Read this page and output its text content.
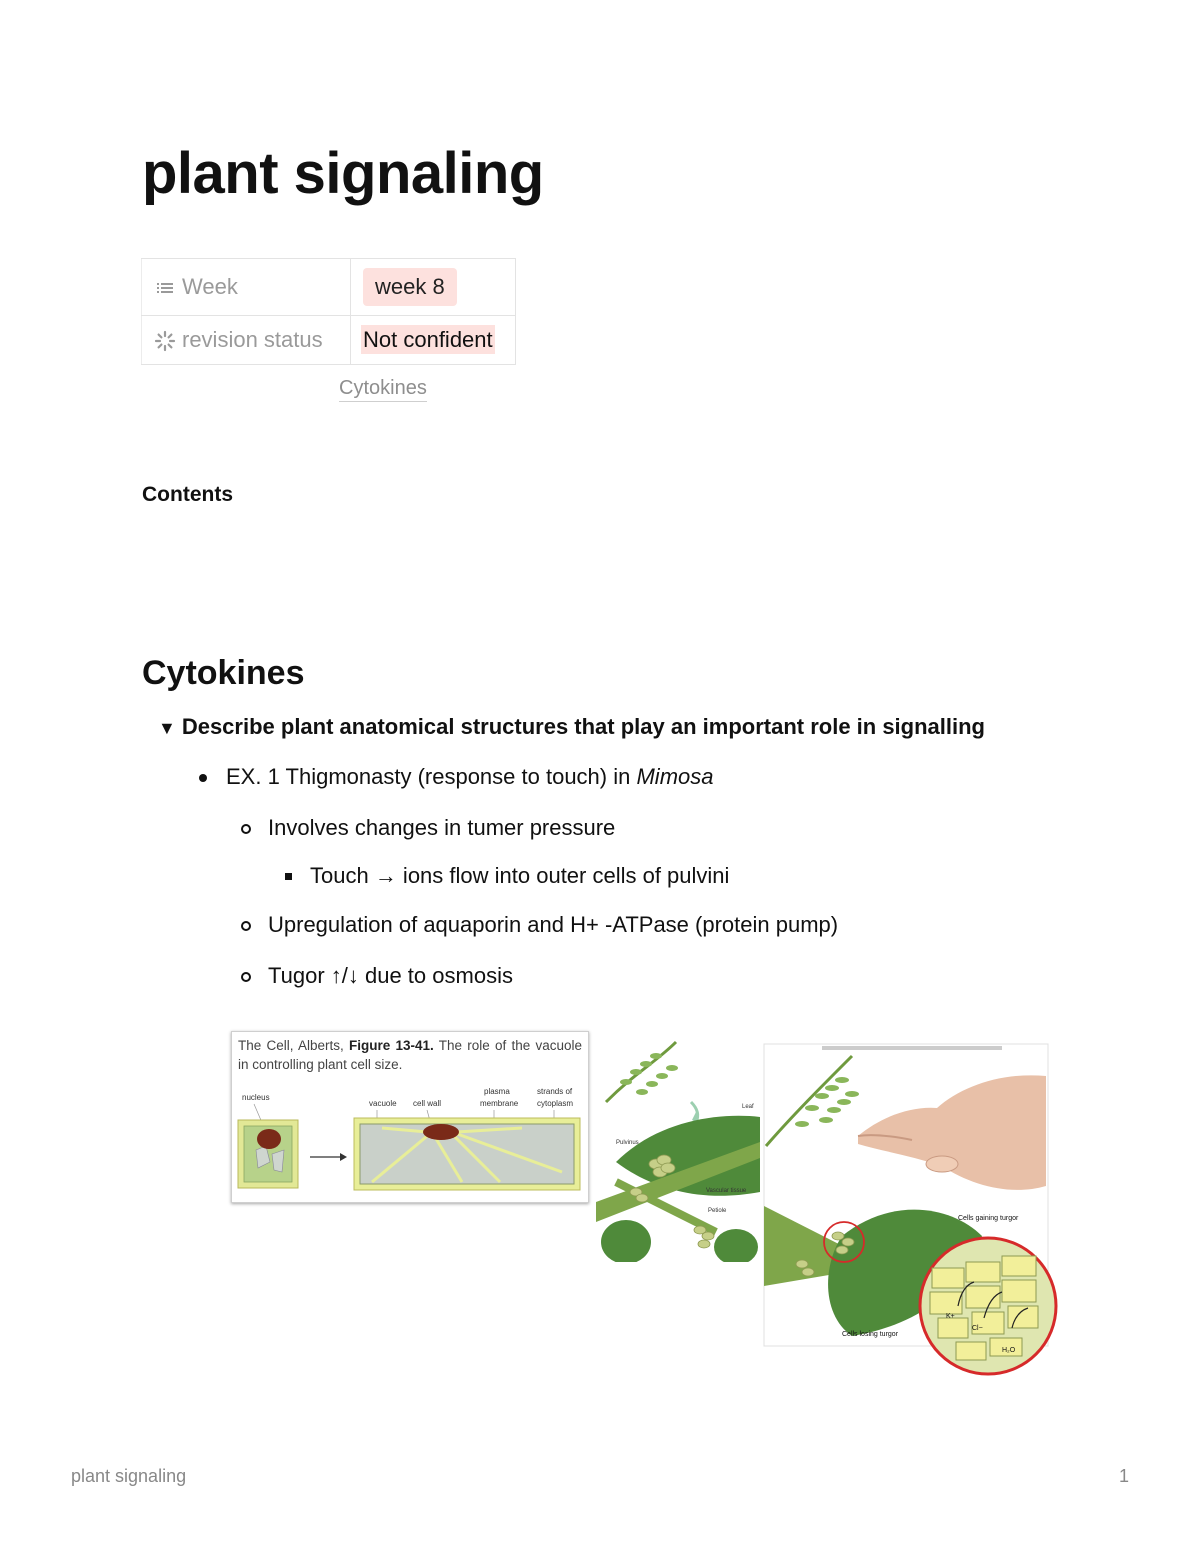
plant signaling
Week	week 8
revision status	Not confident
Cytokines
Contents
Cytokines
▼ Describe plant anatomical structures that play an important role in signalling
EX. 1 Thigmonasty (response to touch) in Mimosa
Involves changes in tumer pressure
Touch → ions flow into outer cells of pulvini
Upregulation of aquaporin and H+ -ATPase (protein pump)
Tugor ↑/↓ due to osmosis
The Cell, Alberts, Figure 13-41. The role of the vacuole in controlling plant cell size.
nucleus
vacuole cell wall
plasma
membrane
strands of
cytoplasm	Leaf
Pulvinus
Vascular tissue
Petiole
K+
Cl−
H₂O
Cells gaining turgor
Cells losing turgor
plant signaling	1
